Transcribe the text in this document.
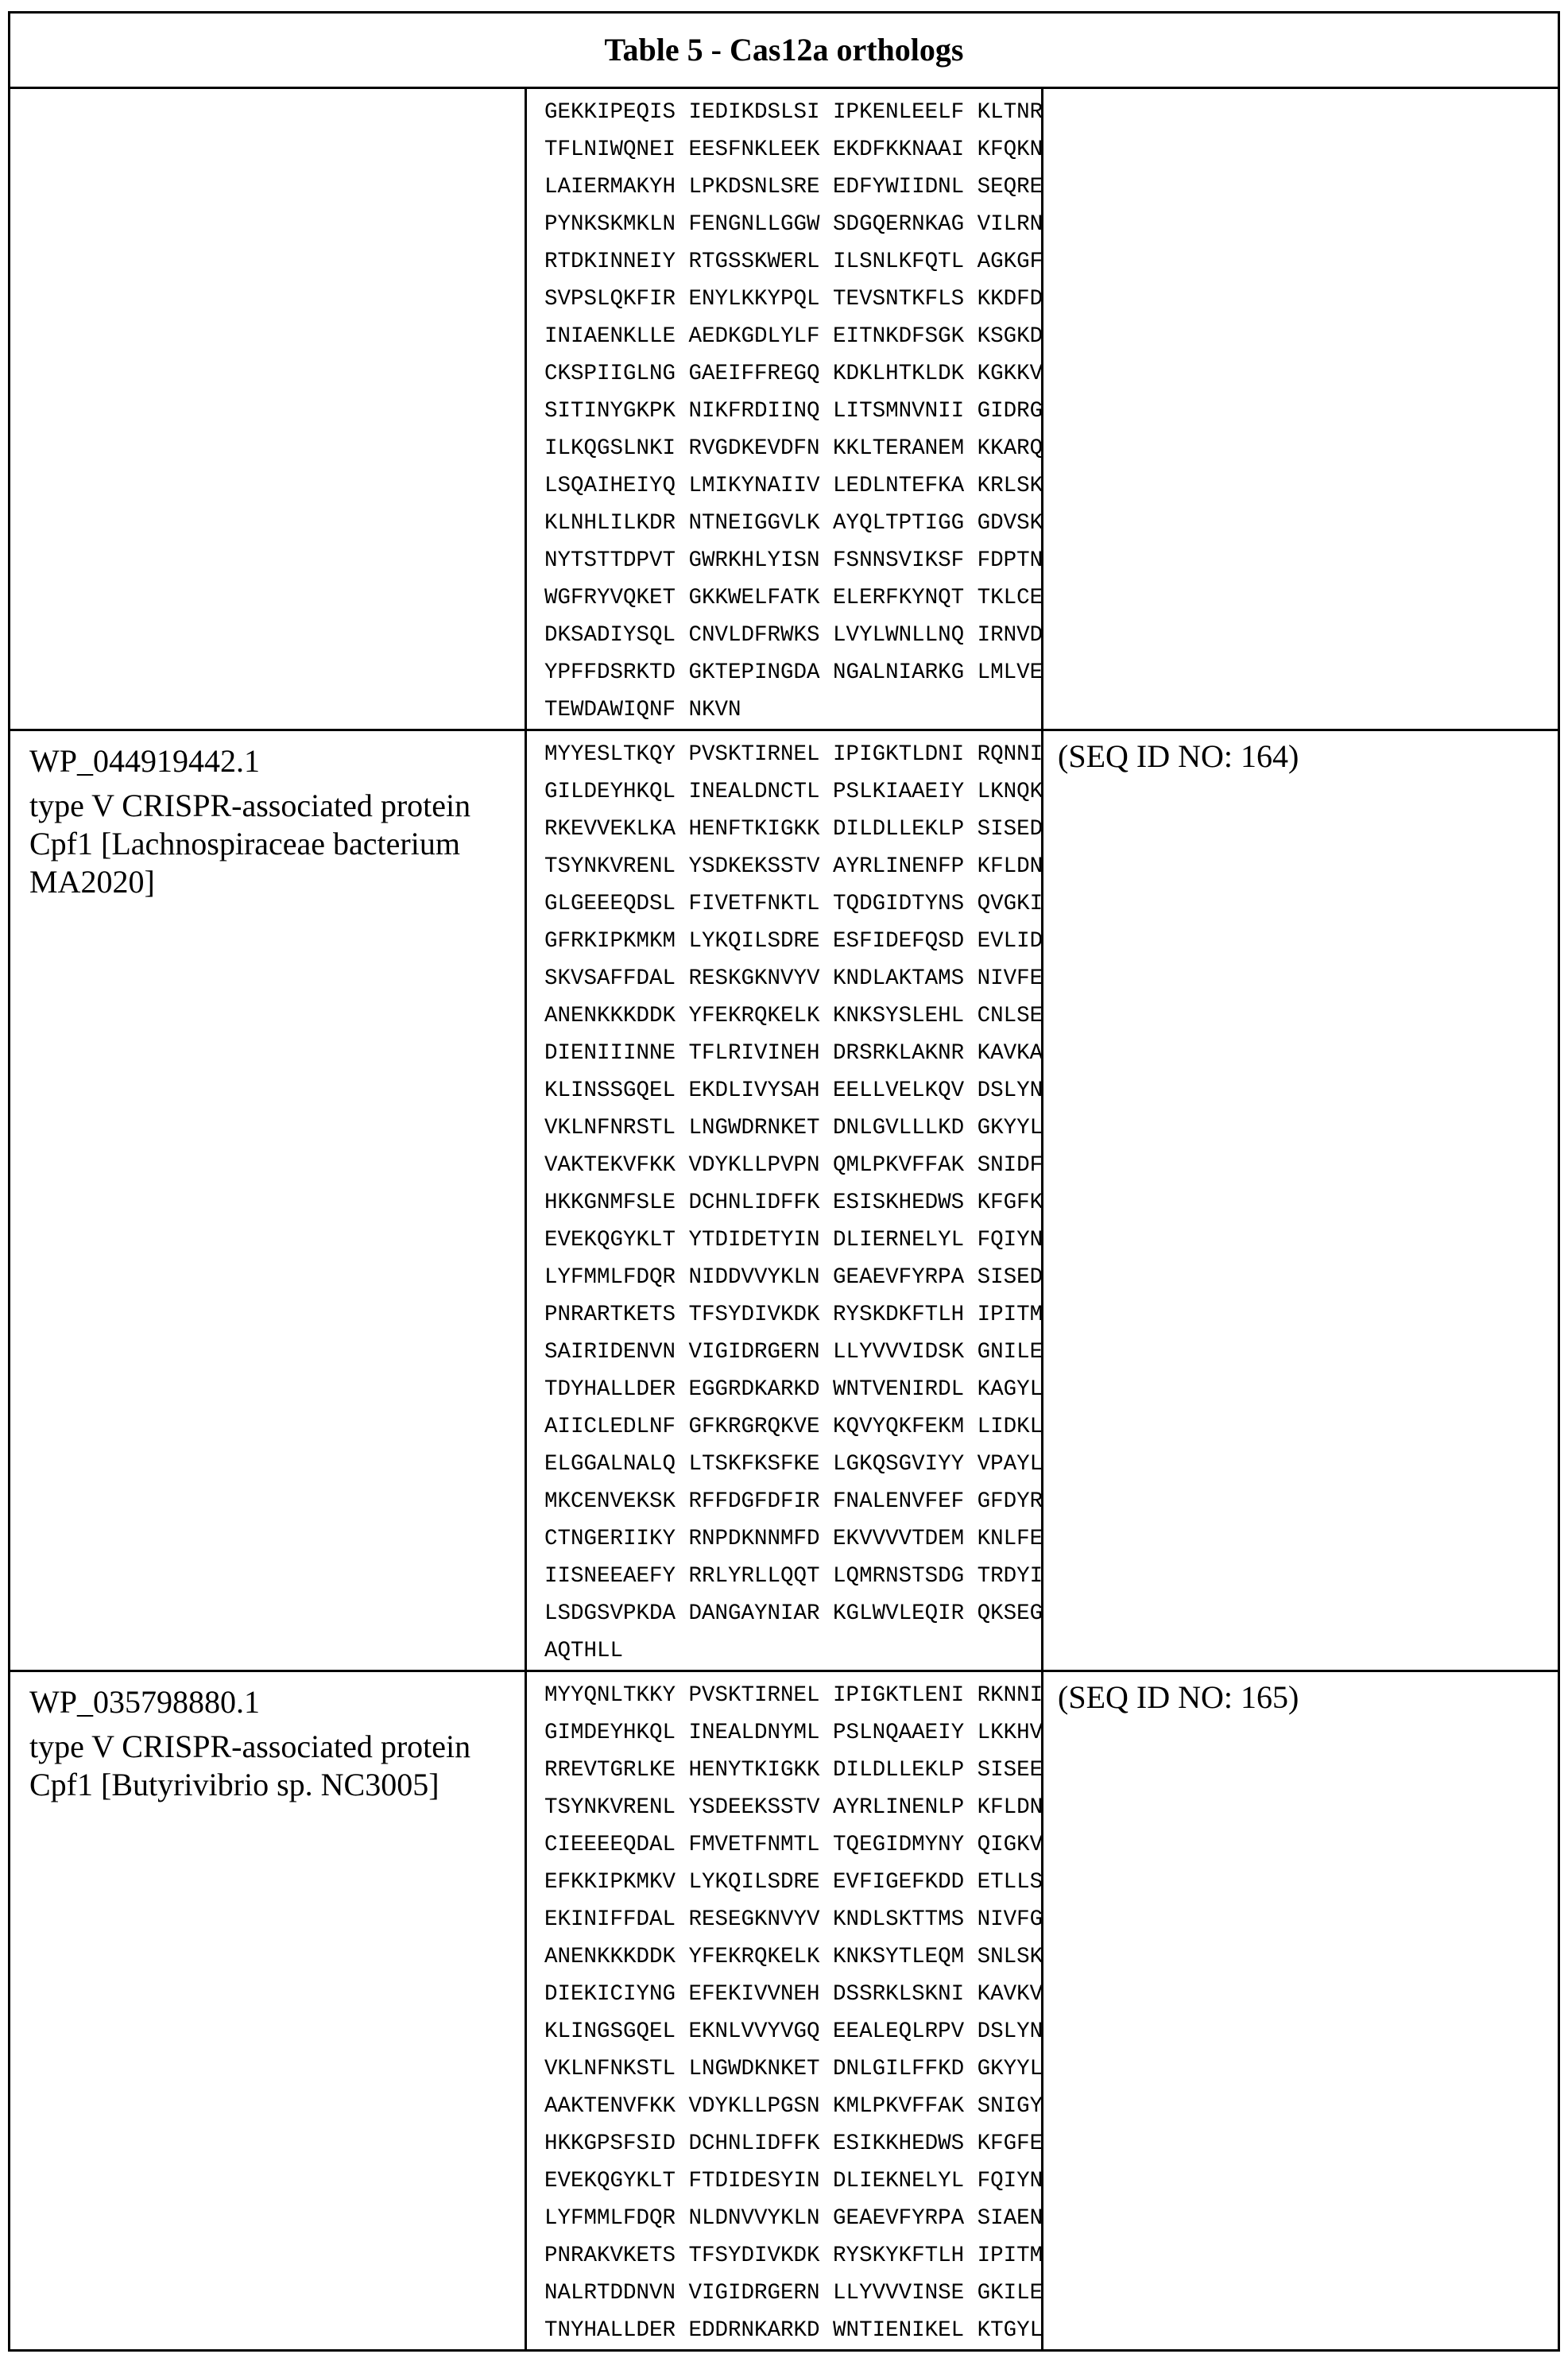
Table 5 - Cas12a orthologs

GEKKIPEQIS IEDIKDSLSI IPKENLEELF KLTNR
TFLNIWQNEI EESFNKLEEK EKDFKKNAAI KFQKN
LAIERMAKYH LPKDSNLSRE EDFYWIIDNL SEQRE
PYNKSKMKLN FENGNLLGGW SDGQERNKAG VILRN
RTDKINNEIY RTGSSKWERL ILSNLKFQTL AGKGF
SVPSLQKFIR ENYLKKYPQL TEVSNTKFLS KKDFD
INIAENKLLE AEDKGDLYLF EITNKDFSGK KSGKD
CKSPIIGLNG GAEIFFREGQ KDKLHTKLDK KGKKV
SITINYGKPK NIKFRDIINQ LITSMNVNII GIDRG
ILKQGSLNKI RVGDKEVDFN KKLTERANEM KKARQ
LSQAIHEIYQ LMIKYNAIIV LEDLNTEFKA KRLSK
KLNHLILKDR NTNEIGGVLK AYQLTPTIGG GDVSK
NYTSTTDPVT GWRKHLYISN FSNNSVIKSF FDPTN
WGFRYVQKET GKKWELFATK ELERFKYNQT TKLCE
DKSADIYSQL CNVLDFRWKS LVYLWNLLNQ IRNVD
YPFFDSRKTD GKTEPINGDA NGALNIARKG LMLVE
TEWDAWIQNF NKVN

WP_044919442.1
type V CRISPR-associated protein Cpf1 [Lachnospiraceae bacterium MA2020]

MYYESLTKQY PVSKTIRNEL IPIGKTLDNI RQNNI
GILDEYHKQL INEALDNCTL PSLKIAAEIY LKNQK
RKEVVEKLKA HENFTKIGKK DILDLLEKLP SISED
TSYNKVRENL YSDKEKSSTV AYRLINENFP KFLDN
GLGEEEQDSL FIVETFNKTL TQDGIDTYNS QVGKI
GFRKIPKMKM LYKQILSDRE ESFIDEFQSD EVLID
SKVSAFFDAL RESKGKNVYV KNDLAKTAMS NIVFE
ANENKKKDDK YFEKRQKELK KNKSYSLEHL CNLSE
DIENIIINNE TFLRIVINEH DRSRKLAKNR KAVKA
KLINSSGQEL EKDLIVYSAH EELLVELKQV DSLYN
VKLNFNRSTL LNGWDRNKET DNLGVLLLKD GKYYL
VAKTEKVFKK VDYKLLPVPN QMLPKVFFAK SNIDF
HKKGNMFSLE DCHNLIDFFK ESISKHEDWS KFGFK
EVEKQGYKLT YTDIDETYIN DLIERNELYL FQIYN
LYFMMLFDQR NIDDVVYKLN GEAEVFYRPA SISED
PNRARTKETS TFSYDIVKDK RYSKDKFTLH IPITM
SAIRIDENVN VIGIDRGERN LLYVVVIDSK GNILE
TDYHALLDER EGGRDKARKD WNTVENIRDL KAGYL
AIICLEDLNF GFKRGRQKVE KQVYQKFEKM LIDKL
ELGGALNALQ LTSKFKSFKE LGKQSGVIYY VPAYL
MKCENVEKSK RFFDGFDFIR FNALENVFEF GFDYR
CTNGERIIKY RNPDKNNMFD EKVVVVTDEM KNLFE
IISNEEAEFY RRLYRLLQQT LQMRNSTSDG TRDYI
LSDGSVPKDA DANGAYNIAR KGLWVLEQIR QKSEG
AQTHLL
	(SEQ ID NO: 164)

WP_035798880.1
type V CRISPR-associated protein Cpf1 [Butyrivibrio sp. NC3005]

MYYQNLTKKY PVSKTIRNEL IPIGKTLENI RKNNI
GIMDEYHKQL INEALDNYML PSLNQAAEIY LKKHV
RREVTGRLKE HENYTKIGKK DILDLLEKLP SISEE
TSYNKVRENL YSDEEKSSTV AYRLINENLP KFLDN
CIEEEEQDAL FMVETFNMTL TQEGIDMYNY QIGKV
EFKKIPKMKV LYKQILSDRE EVFIGEFKDD ETLLS
EKINIFFDAL RESEGKNVYV KNDLSKTTMS NIVFG
ANENKKKDDK YFEKRQKELK KNKSYTLEQM SNLSK
DIEKICIYNG EFEKIVVNEH DSSRKLSKNI KAVKV
KLINGSGQEL EKNLVVYVGQ EEALEQLRPV DSLYN
VKLNFNKSTL LNGWDKNKET DNLGILFFKD GKYYL
AAKTENVFKK VDYKLLPGSN KMLPKVFFAK SNIGY
HKKGPSFSID DCHNLIDFFK ESIKKHEDWS KFGFE
EVEKQGYKLT FTDIDESYIN DLIEKNELYL FQIYN
LYFMMLFDQR NLDNVVYKLN GEAEVFYRPA SIAEN
PNRAKVKETS TFSYDIVKDK RYSKYKFTLH IPITM
NALRTDDNVN VIGIDRGERN LLYVVVINSE GKILE
TNYHALLDER EDDRNKARKD WNTIENIKEL KTGYL
	(SEQ ID NO: 165)
